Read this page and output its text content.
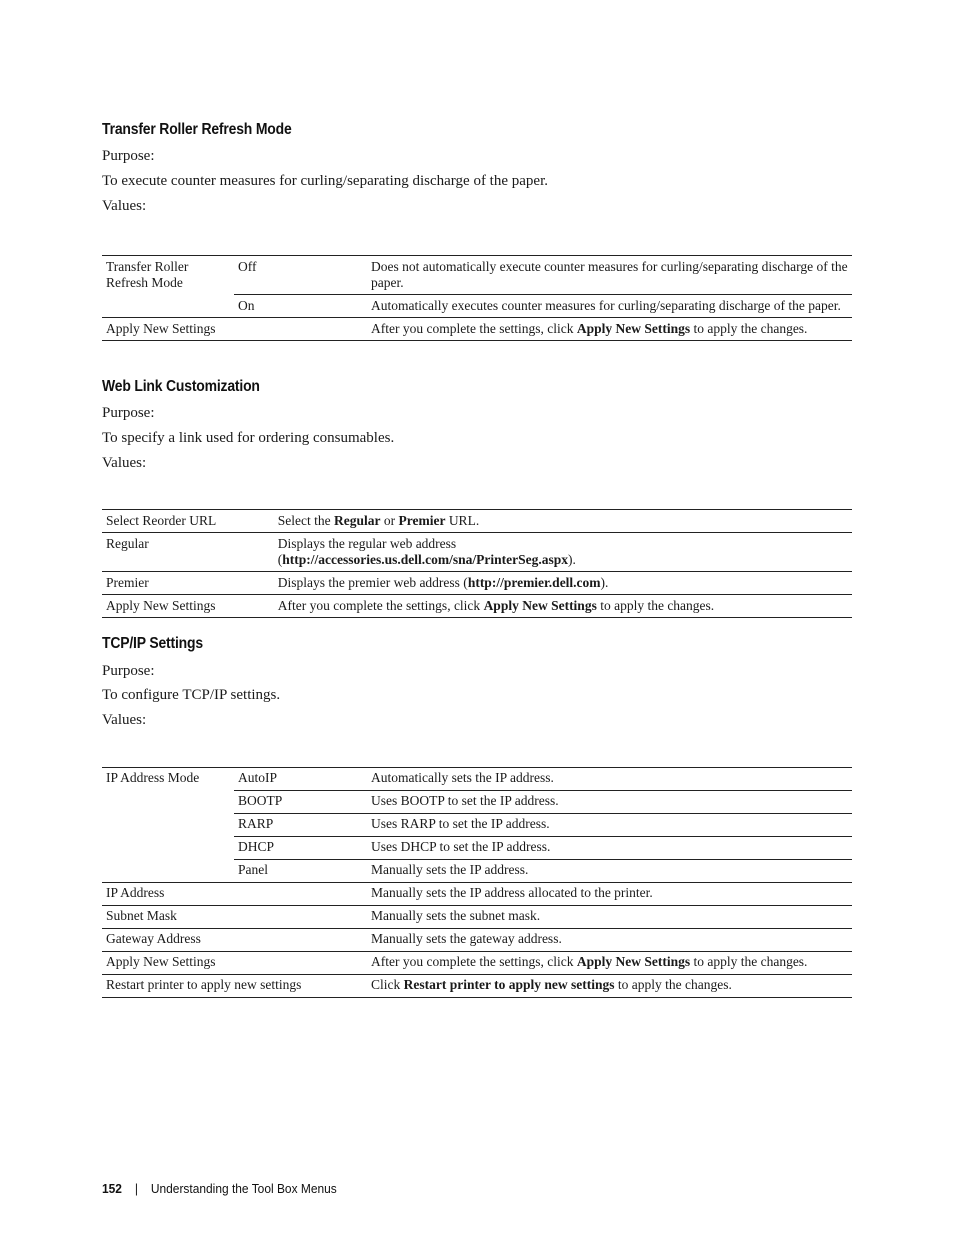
Transfer Roller Refresh Mode

Purpose:

To execute counter measures for curling/separating discharge of the paper.

Values:

Transfer Roller Refresh Mode	Off	Does not automatically execute counter measures for curling/separating discharge of the paper.
	On	Automatically executes counter measures for curling/separating discharge of the paper.
Apply New Settings		After you complete the settings, click Apply New Settings to apply the changes.
Web Link Customization

Purpose:

To specify a link used for ordering consumables.

Values:

Select Reorder URL	Select the Regular or Premier URL.
Regular	Displays the regular web address
(http://accessories.us.dell.com/sna/PrinterSeg.aspx).
Premier	Displays the premier web address (http://premier.dell.com).
Apply New Settings	After you complete the settings, click Apply New Settings to apply the changes.
TCP/IP Settings

Purpose:

To configure TCP/IP settings.

Values:

IP Address Mode	AutoIP	Automatically sets the IP address.
	BOOTP	Uses BOOTP to set the IP address.
	RARP	Uses RARP to set the IP address.
	DHCP	Uses DHCP to set the IP address.
	Panel	Manually sets the IP address.
IP Address		Manually sets the IP address allocated to the printer.
Subnet Mask		Manually sets the subnet mask.
Gateway Address		Manually sets the gateway address.
Apply New Settings		After you complete the settings, click Apply New Settings to apply the changes.
Restart printer to apply new settings		Click Restart printer to apply new settings to apply the changes.
152 | Understanding the Tool Box Menus
